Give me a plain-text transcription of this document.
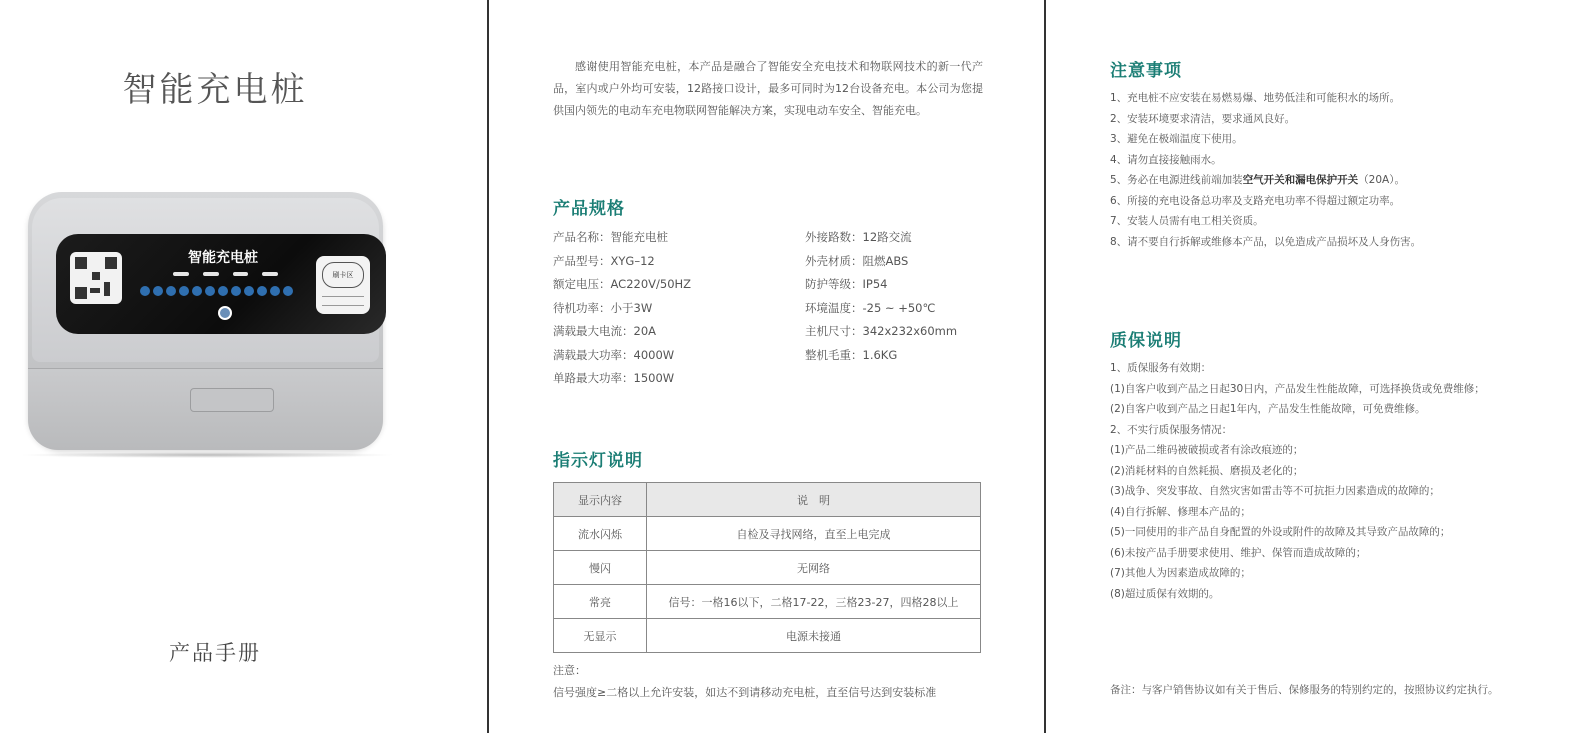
智能充电桩
智能充电桩
刷卡区
产品手册

感谢使用智能充电桩，本产品是融合了智能安全充电技术和物联网技术的新一代产品，室内或户外均可安装，12路接口设计，最多可同时为12台设备充电。本公司为您提供国内领先的电动车充电物联网智能解决方案，实现电动车安全、智能充电。

产品规格
产品名称：智能充电桩
产品型号：XYG–12
额定电压：AC220V/50HZ
待机功率：小于3W
满载最大电流：20A
满载最大功率：4000W
单路最大功率：1500W
外接路数：12路交流
外壳材质：阻燃ABS
防护等级：IP54
环境温度：-25 ~ +50℃
主机尺寸：342x232x60mm
整机毛重：1.6KG
指示灯说明
显示内容	说　明
流水闪烁	自检及寻找网络，直至上电完成
慢闪	无网络
常亮	信号：一格16以下，二格17-22，三格23-27，四格28以上
无显示	电源未接通
注意：
信号强度≥二格以上允许安装，如达不到请移动充电桩，直至信号达到安装标准
注意事项
1、充电桩不应安装在易燃易爆、地势低洼和可能积水的场所。
2、安装环境要求清洁，要求通风良好。
3、避免在极端温度下使用。
4、请勿直接接触雨水。
5、务必在电源进线前端加装空气开关和漏电保护开关（20A）。
6、所接的充电设备总功率及支路充电功率不得超过额定功率。
7、安装人员需有电工相关资质。
8、请不要自行拆解或维修本产品，以免造成产品损坏及人身伤害。
质保说明
1、质保服务有效期：
(1)自客户收到产品之日起30日内，产品发生性能故障，可选择换货或免费维修；
(2)自客户收到产品之日起1年内，产品发生性能故障，可免费维修。
2、不实行质保服务情况：
(1)产品二维码被破损或者有涂改痕迹的；
(2)消耗材料的自然耗损、磨损及老化的；
(3)战争、突发事故、自然灾害如雷击等不可抗拒力因素造成的故障的；
(4)自行拆解、修理本产品的；
(5)一同使用的非产品自身配置的外设或附件的故障及其导致产品故障的；
(6)未按产品手册要求使用、维护、保管而造成故障的；
(7)其他人为因素造成故障的；
(8)超过质保有效期的。
备注：与客户销售协议如有关于售后、保修服务的特别约定的，按照协议约定执行。
